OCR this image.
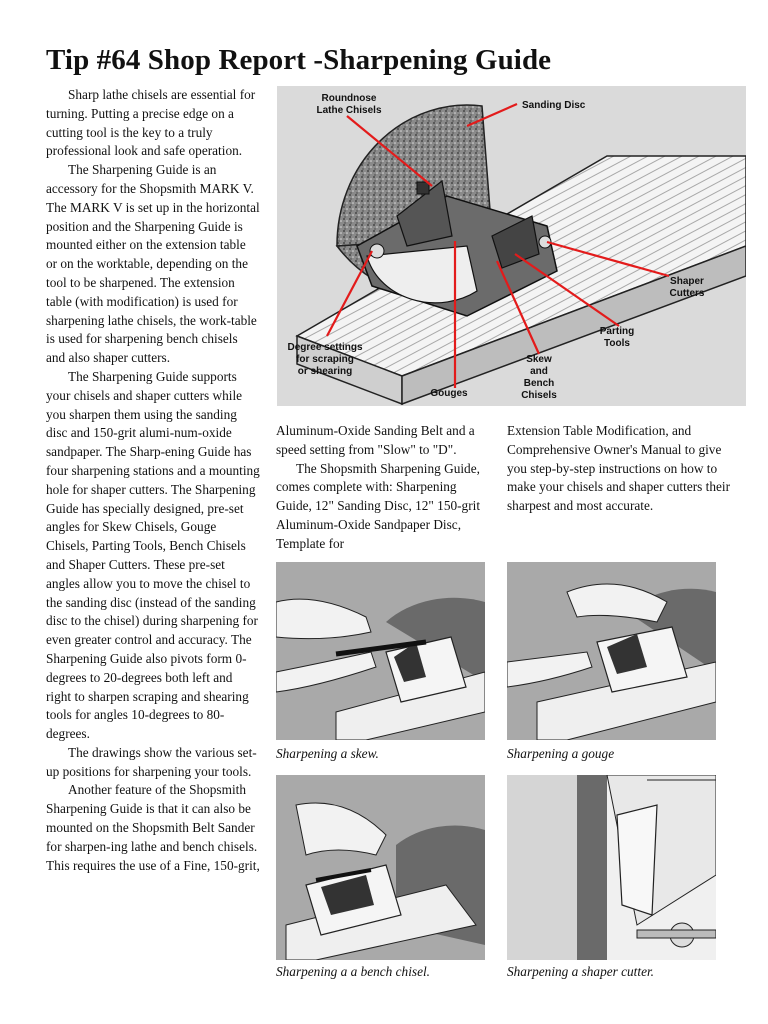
Tip #64 Shop Report -Sharpening Guide

Sharp lathe chisels are essential for turning. Putting a precise edge on a cutting tool is the key to a truly professional look and safe operation.

The Sharpening Guide is an accessory for the Shopsmith MARK V. The MARK V is set up in the horizontal position and the Sharpening Guide is mounted either on the extension table or on the worktable, depending on the tool to be sharpened. The extension table (with modification) is used for sharpening lathe chisels, the work-table is used for sharpening bench chisels and also shaper cutters.

The Sharpening Guide supports your chisels and shaper cutters while you sharpen them using the sanding disc and 150-grit alumi-num-oxide sandpaper. The Sharp-ening Guide has four sharpening stations and a mounting hole for shaper cutters. The Sharpening Guide has specially designed, pre-set angles for Skew Chisels, Gouge Chisels, Parting Tools, Bench Chisels and Shaper Cutters. These pre-set angles allow you to move the chisel to the sanding disc (instead of the sanding disc to the chisel) during sharpening for even greater control and accuracy. The Sharpening Guide also pivots form 0-degrees to 20-degrees both left and right to sharpen scraping and shearing tools for angles 10-degrees to 80-degrees.

The drawings show the various set-up positions for sharpening your tools.

Another feature of the Shopsmith Sharpening Guide is that it can also be mounted on the Shopsmith Belt Sander for sharpen-ing lathe and bench chisels. This requires the use of a Fine, 150-grit,

Roundnose
Lathe Chisels	Sanding Disc
Shaper
Cutters
Parting
Tools
Degree settings
for scraping
or shearing
Gouges
Skew
and
Bench
Chisels

Aluminum-Oxide Sanding Belt and a speed setting from "Slow" to "D".

The Shopsmith Sharpening Guide, comes complete with: Sharpening Guide, 12" Sanding Disc, 12" 150-grit Aluminum-Oxide Sandpaper Disc, Template for

Extension Table Modification, and Comprehensive Owner's Manual to give you step-by-step instructions on how to make your chisels and shaper cutters their sharpest and most accurate.

Sharpening a skew.	Sharpening a gouge

Sharpening a a bench chisel.	Sharpening a shaper cutter.
